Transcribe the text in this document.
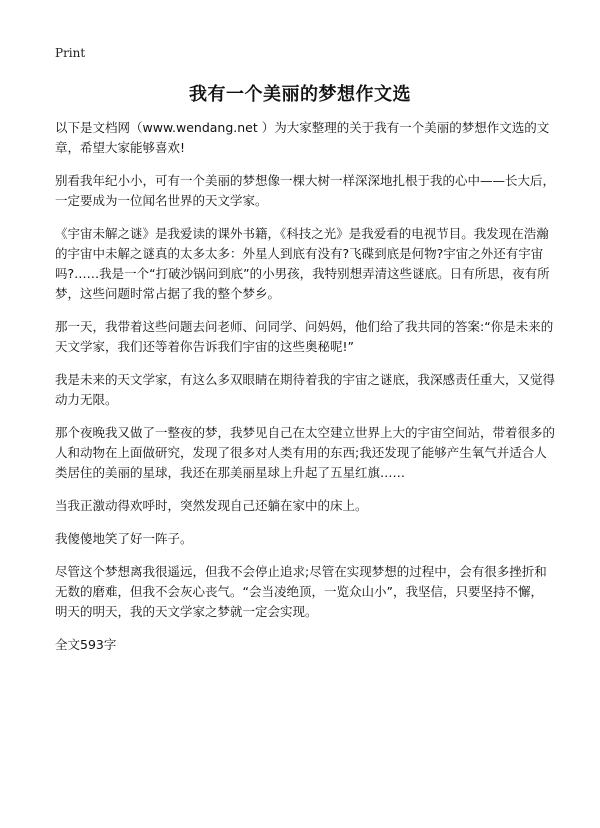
Print
我有一个美丽的梦想作文选

以下是文档网（www.wendang.net ）为大家整理的关于我有一个美丽的梦想作文选的文章，希望大家能够喜欢!

别看我年纪小小，可有一个美丽的梦想像一棵大树一样深深地扎根于我的心中——长大后，一定要成为一位闻名世界的天文学家。

《宇宙未解之谜》是我爱读的课外书籍，《科技之光》是我爱看的电视节目。我发现在浩瀚的宇宙中未解之谜真的太多太多：外星人到底有没有?飞碟到底是何物?宇宙之外还有宇宙吗?……我是一个“打破沙锅问到底”的小男孩，我特别想弄清这些谜底。日有所思，夜有所梦，这些问题时常占据了我的整个梦乡。

那一天，我带着这些问题去问老师、问同学、问妈妈，他们给了我共同的答案:“你是未来的天文学家，我们还等着你告诉我们宇宙的这些奥秘呢!”

我是未来的天文学家，有这么多双眼睛在期待着我的宇宙之谜底，我深感责任重大，又觉得动力无限。

那个夜晚我又做了一整夜的梦，我梦见自己在太空建立世界上大的宇宙空间站，带着很多的人和动物在上面做研究，发现了很多对人类有用的东西;我还发现了能够产生氧气并适合人类居住的美丽的星球，我还在那美丽星球上升起了五星红旗……

当我正激动得欢呼时，突然发现自己还躺在家中的床上。

我傻傻地笑了好一阵子。

尽管这个梦想离我很遥远，但我不会停止追求;尽管在实现梦想的过程中，会有很多挫折和无数的磨难，但我不会灰心丧气。“会当凌绝顶，一览众山小”，我坚信，只要坚持不懈，明天的明天，我的天文学家之梦就一定会实现。

全文593字
